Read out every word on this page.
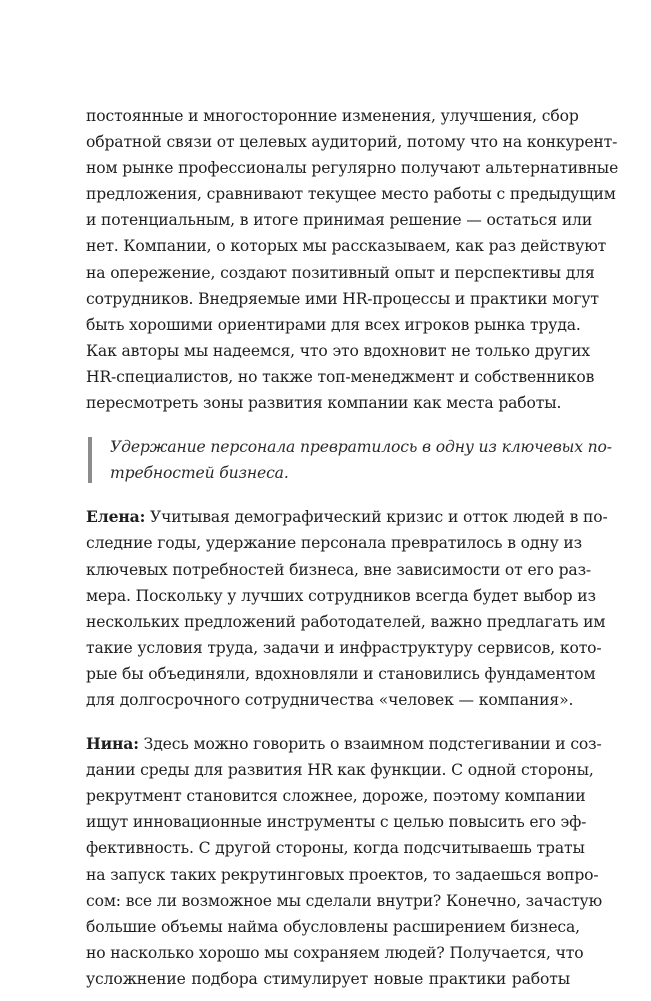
постоянные и многосторонние изменения, улучшения, сбор
обратной связи от целевых аудиторий, потому что на конкурент-
ном рынке профессионалы регулярно получают альтернативные
предложения, сравнивают текущее место работы с предыдущим
и потенциальным, в итоге принимая решение — остаться или
нет. Компании, о которых мы рассказываем, как раз действуют
на опережение, создают позитивный опыт и перспективы для
сотрудников. Внедряемые ими HR-процессы и практики могут
быть хорошими ориентирами для всех игроков рынка труда.
Как авторы мы надеемся, что это вдохновит не только других
HR-специалистов, но также топ-менеджмент и собственников
пересмотреть зоны развития компании как места работы.
Удержание персонала превратилось в одну из ключевых по-
требностей бизнеса.
Елена: Учитывая демографический кризис и отток людей в по-
следние годы, удержание персонала превратилось в одну из
ключевых потребностей бизнеса, вне зависимости от его раз-
мера. Поскольку у лучших сотрудников всегда будет выбор из
нескольких предложений работодателей, важно предлагать им
такие условия труда, задачи и инфраструктуру сервисов, кото-
рые бы объединяли, вдохновляли и становились фундаментом
для долгосрочного сотрудничества «человек — компания».
Нина: Здесь можно говорить о взаимном подстегивании и соз-
дании среды для развития HR как функции. С одной стороны,
рекрутмент становится сложнее, дороже, поэтому компании
ищут инновационные инструменты с целью повысить его эф-
фективность. С другой стороны, когда подсчитываешь траты
на запуск таких рекрутинговых проектов, то задаешься вопро-
сом: все ли возможное мы сделали внутри? Конечно, зачастую
большие объемы найма обусловлены расширением бизнеса,
но насколько хорошо мы сохраняем людей? Получается, что
усложнение подбора стимулирует новые практики работы
